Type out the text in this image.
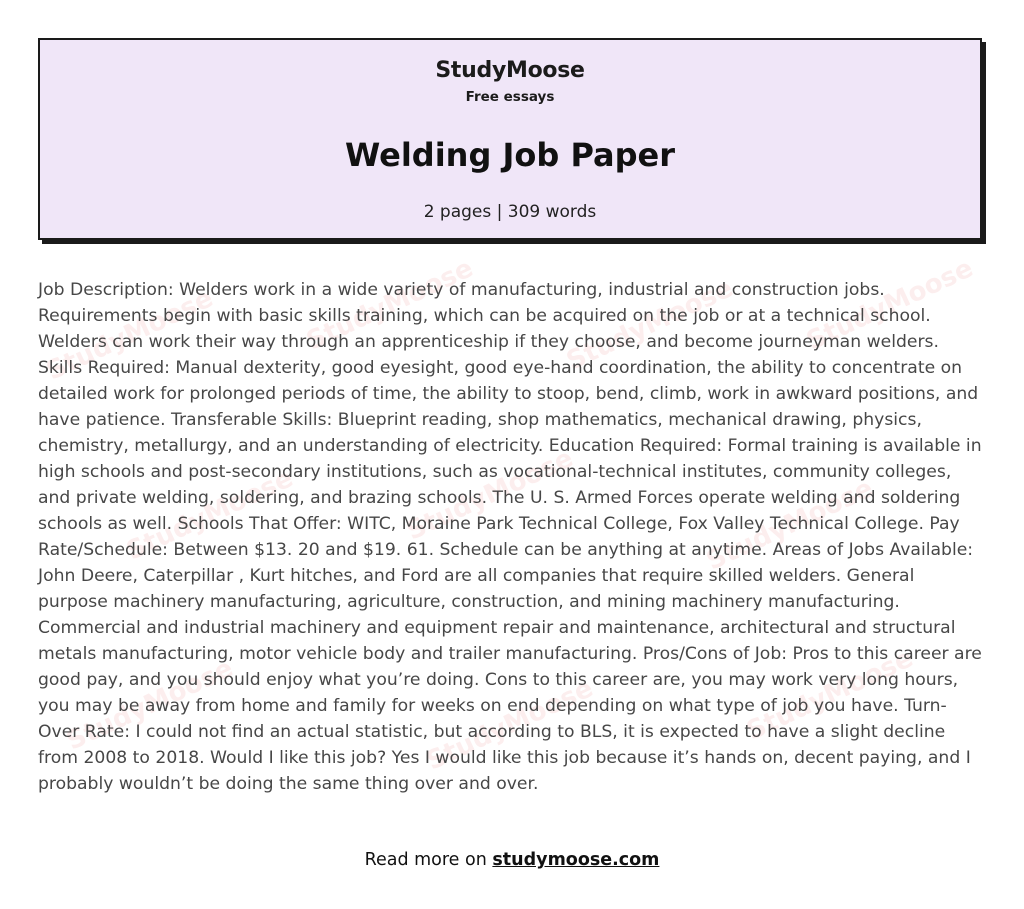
StudyMoose
Free essays
Welding Job Paper
2 pages | 309 words
StudyMoose	StudyMoose	StudyMoose StudyMoose
StudyMoose	StudyMoose	StudyMoose
StudyMoose	StudyMoose	StudyMoose

Job Description: Welders work in a wide variety of manufacturing, industrial and construction jobs. Requirements begin with basic skills training, which can be acquired on the job or at a technical school. Welders can work their way through an apprenticeship if they choose, and become journeyman welders. Skills Required: Manual dexterity, good eyesight, good eye-hand coordination, the ability to concentrate on detailed work for prolonged periods of time, the ability to stoop, bend, climb, work in awkward positions, and have patience. Transferable Skills: Blueprint reading, shop mathematics, mechanical drawing, physics, chemistry, metallurgy, and an understanding of electricity. Education Required: Formal training is available in high schools and post-secondary institutions, such as vocational-technical institutes, community colleges, and private welding, soldering, and brazing schools. The U. S. Armed Forces operate welding and soldering schools as well. Schools That Offer: WITC, Moraine Park Technical College, Fox Valley Technical College. Pay Rate/Schedule: Between $13. 20 and $19. 61. Schedule can be anything at anytime. Areas of Jobs Available: John Deere, Caterpillar , Kurt hitches, and Ford are all companies that require skilled welders. General purpose machinery manufacturing, agriculture, construction, and mining machinery manufacturing. Commercial and industrial machinery and equipment repair and maintenance, architectural and structural metals manufacturing, motor vehicle body and trailer manufacturing. Pros/Cons of Job: Pros to this career are good pay, and you should enjoy what you’re doing. Cons to this career are, you may work very long hours, you may be away from home and family for weeks on end depending on what type of job you have. Turn-Over Rate: I could not find an actual statistic, but according to BLS, it is expected to have a slight decline from 2008 to 2018. Would I like this job? Yes I would like this job because it’s hands on, decent paying, and I probably wouldn’t be doing the same thing over and over.

Read more on studymoose.com
